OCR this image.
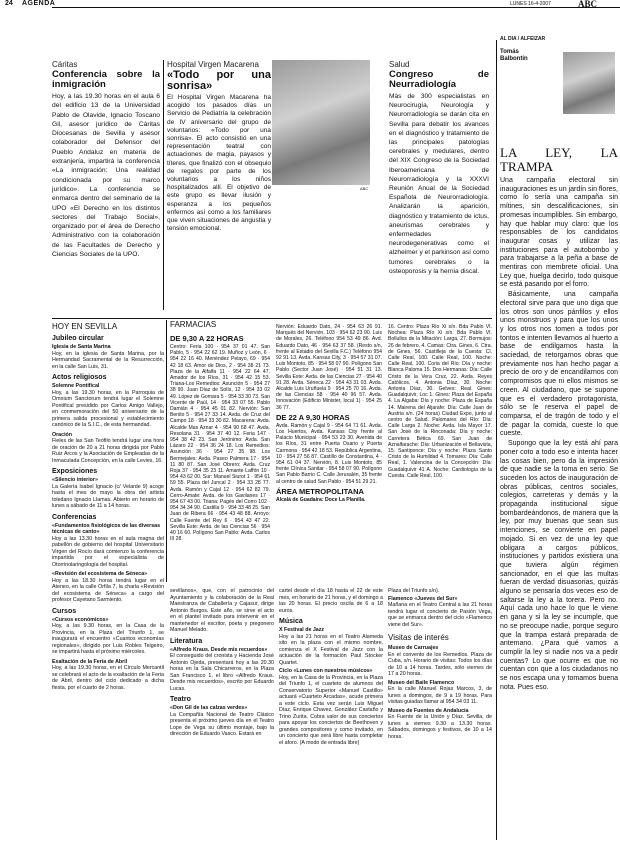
24 AGENDA	LUNES 16-4-2007	ABC
Cáritas
Conferencia sobre la inmigración

Hoy, a las 19.30 horas en el aula 6 del edificio 13 de la Universidad Pablo de Olavide, Ignacio Toscano Gil, asesor jurídico de Cáritas Diocesanas de Sevilla y asesor colaborador del Defensor del Pueblo Andaluz en materia de extranjería, impartirá la conferencia «La inmigración: Una realidad condicionada por su marco jurídico». La conferencia se enmarca dentro del seminario de la UPO «El Derecho en los distintos sectores del Trabajo Social», organizado por el área de Derecho Administrativo con la colaboración de las Facultades de Derecho y Ciencias Sociales de la UPO.

Hospital Virgen Macarena
«Todo por una sonrisa»

El Hospital Virgen Macarena ha acogido los pasados días un Servicio de Pediatría la celebración de IV aniversario del grupo de voluntarios: «Todo por una sonrisa». El acto consistió en una representación teatral con actuaciones de magia, payasos y títeres, que finalizó con el obsequio de regalos por parte de los voluntarios a los niños hospitalizados allí. El objetivo de este grupo es llevar ilusión y esperanza a los pequeños enfermos así como a los familiares que viven situaciones de angustia y tensión emocional.

ABC
Salud
Congreso de Neurradiología

Más de 300 especialistas en Neurocirugía, Neurología y Neurorradiología se darán cita en Sevilla para debatir los avances en el diagnóstico y tratamiento de las principales patologías cerebrales y medulares, dentro del XIX Congreso de la Sociedad Iberoamericana de Neurorradiología y la XXXVI Reunión Anual de la Sociedad Española de Neurorradiología. Analizarán la aparición, diagnóstico y tratamiento de ictus, aneurismas cerebrales y enfermedades neurodegenerativas como el alzheimer y el parkinson así como tumores cerebrales o la osteoporosis y la hernia discal.

AL DÍA / ALFÉIZAR
Tomás Balbontín
LA LEY, LA TRAMPA

Una campaña electoral sin inauguraciones es un jardín sin flores, como lo sería una campaña sin mítines, sin descalificaciones, sin promesas incumplibles. Sin embargo, hay que hablar muy claro: que los responsables de los candidatos inaugurar cosas y utilizar las instituciones para el autobombo y para trabajarse a la peña a base de mentiras con membrete oficial. Una Ley que, huelga decirlo, todo quisque se está pasando por el forro.

Básicamente, una campaña electoral sirve para que uno diga que los otros son unos pánfilos y ellos unos monstruos y para que los unos y los otros nos tomen a todos por tontos e intenten llevarnos al huerto a base de endilgarnos hasta la saciedad, de retorgarnos obras que previamente nos han hecho pagar a precio de oro y de encandilarnos con compromisos que ni ellos mismos se creen. Al ciudadano, que se supone que es el verdadero protagonista, sólo se le reserva el papel de comparsa, el de tragón de todo y el de pagar la comida, cueste lo que cueste.

Supongo que la ley está ahí para poner coto a todo eso e intenta hacer las cosas bien, pero da la impresión de que nadie se la toma en serio. Se suceden los actos de inauguración de obras públicas, centros sociales, colegios, carreteras y demás y la propaganda institucional sigue bombardeándonos, de manera que la ley, por muy buenas que sean sus intenciones, se convierte en papel mojado. Si en vez de una ley que obligara a cargos públicos, instituciones y partidos existiera una que tuviera algún régimen sancionador, en el que las multas fueran de verdad disuasorias, quizás alguno se pensaría dos veces eso de saltarse la ley a la torera. Pero no. Aquí cada uno hace lo que le viene en gana y si la ley se incumple, que no se preocupe nadie, porque seguro que la trampa estará preparada de antemano. ¿Para qué vamos a cumplir la ley si nadie nos va a pedir cuentas? Lo que ocurre es que no cuentan con que a los ciudadanos no se nos escapa una y tomamos buena nota. Pues eso.

HOY EN SEVILLA
Jubileo circular
Iglesia de Santa Marina

Hoy, en la iglesia de Santa Marina, por la Hermandad Sacramental de la Resurrección, en la calle San Luis, 31.

Actos religiosos
Solemne Pontifical

Hoy, a las 19.30 horas, en la Parroquia de Omnium Sanctorum tendrá lugar el Solemne Pontifical presidido por Carlos Amigo Vallejo, en conmemoración del 50 aniversario de la primera salida procesional y establecimiento canónico de la S.I.C., de esta hermandad.

Oración

Fieles de las San Teófilo tendrá lugar una hora de oración de 20 a 21 horas dirigida por Pablo Ruiz Arcos y la Asociación de Empleadas de la Inmaculada Concepción, en la calle Levies, 16.

Exposiciones
«Silencio interior»

La Galería Isabel Ignacio (c/ Velarde 9) acoge hasta el mes de mayo la obra del artista toledano Ignacio Llamas. Abierto en horario de lunes a sábado de 11 a 14 horas.

Conferencias
«Fundamentos fisiológicos de las diversas técnicas de canto»

Hoy a las 13.30 horas en el aula magna del pabellón de gobierno del hospital Universitario Virgen del Rocío dará comienzo la conferencia impartida por el especialista de Otorrinolaringología del hospital.

«Revisión del ecosistema de Séneca»

Hoy a las 18.30 horas tendrá lugar en el Ateneo, en la calle Orfila 7, la charla «Revisión del ecosistema de Séneca» a cargo del profesor Cayetano Sarmiento.

Cursos
«Cursos económicos»

Hoy, a las 9.30 horas, en la Casa de la Provincia, en la Plaza del Triunfo 1, se inaugurará el encuentro «Cuantos economías regionales», dirigido por Luis Robles Teigeiro, se impartirá hasta el próximo miércoles.

Exaltación de la Feria de Abril

Hoy, a las 19.30 horas, en el Círculo Mercantil se celebrará el acto de la exaltación de la Feria de Abril, dentro del ciclo dedicado a dicha fiesta, por el cuarto de 2 horas.

FARMACIAS
DE 9,30 A 22 HORAS

Centro: Feria 100 · 954 37 01 47. San Pablo, 5 · 954 22 62 19. Muñoz y León, 6 · 954 22 16 40. Menéndez Pelayo, 69 · 954 42 18 63. Amor de Dios, 2 · 954 38 21 73. Plaza de la Alfalfa 11 · 954 22 64 47. Amador de los Ríos, 31 · 954 42 15 53. Triana-Los Remedios: Asunción 5 · 954 27 38 90. Juan Díaz de Solís, 12 · 954 33 02 49. López de Gomara 5 · 954 33 30 73. San Vicente de Paúl, 14 · 954 33 07 55. Pablo Damián 4 · 954 45 01 82. Nervión: San Benito 5 · 954 27 33 14. Avda. de Cruz del Campo 18 · 954 33 30 82. Macarena: Avda. Alcalde Mas Aznar 4 · 954 90 68 47. Avda. Resolana 31 · 954 37 40 12. Feria 147 · 954 38 42 23. San Jerónimo: Avda. San Lázaro 22 · 954 36 24 18. Los Remedios: Asunción 36 · 954 27 35 98. Los Bermejales: Avda. Paseo Palmera 17 · 954 11 80 87. San José Obrero: Avda. Cruz Roja 37 · 954 35 23 11. Amante Laffón 10 · 954 43 62 00. Sur: Manuel Siurot 1 · 954 61 59 55. Plaza del Juncal 2 · 954 33 28 77. Avda. Ramón y Cajal 12 · 954 62 82 79. Cerro-Amate: Avda. de los Gavilanes 17 · 954 67 43 00. Triana: Pagés del Corro 102 · 954 34 34 90. Castilla 9 · 954 33 48 25. San Juan de Ribera 66 · 954 43 48 88. Arroyo: Calle Fuente del Rey 6 · 954 43 47 22. Sevilla Este: Avda. de las Ciencias 56 · 954 40 16 60. Polígono San Pablo: Avda. Carlos III 28.

Nervión: Eduardo Dato, 24 · 954 63 26 91. Marqués del Nervión, 103 · 954 62 23 90. Luis de Morales, 26. Teléfono 954 53 49 86. Avd. Eduardo Dato, 46 · 954 63 37 58. (Resto s/n, frente al Estadio del Sevilla F.C.) Teléfono 954 92 91 13. Avda. Kansas City, 3 · 954 57 31 07. Luis Montoto, 85 · 954 58 07 90. Polígono San Pablo (Sector Juan José) · 954 51 31 13. Sevilla Este: Avda. de las Ciencias 27 · 954 40 91 28. Avda. Séneca 22 · 954 43 31 03. Avda. Alcalde Luis Uruñuela 9 · 954 25 70 16. Avda. de las Ciencias 58 · 954 40 96 57. Avda. Innovación (Edificio Minister, local 1) · 954 25 36 77.

DE 22 A 9,30 HORAS

Avda. Ramón y Cajal 9 · 954 64 71 61. Avda. Los Huertos, Avda. Kansas City frente al Palacio Municipal · 954 53 23 30. Avenida de los Ríos, 31 entre Puerta Osario y Puerta Carmona · 954 42 18 53. República Argentina, 10 · 954 27 56 87. Castillo de Constantina, 4 · 954 61 04 37. Nervión, 8. Luis Montoto, 85 frente Clínica Sanitar · 954 58 07 90. Polígono San Pablo Barrio C. Calle Jerusalén, 35 frente al centro de salud San Pablo · 954 51 29 21.

ÁREA METROPOLITANA

Alcalá de Guadaira: Doce La Planilla.

16. Centro: Plaza Río Xi s/n. Bda Pablo VI. Nochea: Plaza Río Xi s/n. Bda Pablo VI. Bollullos de la Mitación: Larga, 27. Bormujos: 26 de febrero, 4. Camas: Ctra. Gines, 6. Ctra. de Gines, 56. Castilleja de la Cuesta: Cl. Calle Real, 100. Calle Real, 100. Noche: Calle Real, 100. Coria del Río: Día y noche: Blanca Paloma 15. Dos Hermanas: Día: Calle Cristo de la Vera Cruz, 22. Avda. Reyes Católicos, 4. Antonia Díaz, 30. Noche: Antonia Díaz, 30. Gelves: Real. Gines: Guadalquivir, Loc 1. Gines: Plaza del España 4. La Algaba: Día y noche: Plaza de España 14. Mairena del Aljarafe: Día: Calle Juan de Austria s/n. (24 horas) Ciudad Expo, junto al centro de Salud. Palomares del Río: Día: Calle Larga 2. Noche: Avda. Isla Mayor 17. San José de la Rinconada: Día y noche: Carretera Bética 69. San Juan de Aznalfarache: Día: Urbanización el Bellavista, 15. Santiponce: Día y noche: Plaza Santo Cristo de la Humildad 4. Tomares: Día: Calle Real, 1. Valencina de la Concepción: Día: Guadalquivir 41 A. Noche: Cardiología de la Cuesta. Calle Real, 100.

sevillanos», que, con el patrocinio del Ayuntamiento y la colaboración de la Real Maestranza de Caballería y Cajasur, dirige Antonio Burgos. Este año, se sirve el acto en el plantel invitado para intervenir en el mantenedor el escritor, poeta y pregonero Manuel Melado.

Literatura
«Alfredo Kraus. Desde mis recuerdos»

El conseguido del cronista y Hacienda José Antonio Ojeda, presentará hoy a las 20.30 horas en la Sala Chicarreros, en la Plaza San Francisco 1, el libro «Alfredo Kraus. Desde mis recuerdos», escrito por Eduardo Lucas.

Teatro
«Don Gil de las calzas verdes»

La Compañía Nacional de Teatro Clásico presenta el próximo jueves día en el Teatro Lope de Vega su último montaje, bajo la dirección de Eduardo Vasco. Estará en

cartel desde el día 18 hasta el 22 de este mes, en horario de 21 horas, y el domingo a las 20 horas. El precio oscila de 6 a 18 euros.

Música
X Festival de Jazz

Hoy a las 21 horas en el Teatro Alameda sito en la plaza con el mismo nombre, comienza el X Festival de Jazz con la actuación de la formación Paul Stocker Quartet.

Ciclo «Lunes con nuestros músicos»

Hoy, en la Casa de la Provincia, en la Plaza del Triunfo 1, el cuarteto de alumnos del Conservatorio Superior «Manuel Castillo» actuará «Cuarteto Arcadas», acude primera a este ciclo. Esta vez serán Luis Miguel Díaz, Enrique Chavez, González Castaño y Trino Zurita. Cobra valor de sus conciertos para apoyar los conciertos de Beethoven y grandes compositores y como invitado, en un concierto que será libre hasta completar el aforo. (A modo de entrada libre)

Plaza del Triunfo s/n).

Flamenco «Jueves del Sur»

Mañana en el Teatro Central a las 21 horas tendrá lugar el concierto de Pasión Vega, que se enmarca dentro del ciclo «Flamenco viene del Sur».

Visitas de interés
Museo de Carruajes

En el convento de los Remedios. Plaza de Cuba, s/n. Horario de visitas: Todos los días de 10 a 14 horas. Tardes, sólo viernes de 17 a 20 horas.

Museo del Baile Flamenco

En la calle Manuel Rojas Marcos, 3, de lunes a domingos, de 9 a 19 horas. Para visitas guiadas llamar al 954 34 03 11.

Museo de Fuentes de Andalucía

En Fuente de la Unión y Díaz. Sevilla, de lunes a viernes 9.30 a 13.30 horas. Sábados, domingos y festivos, de 10 a 14 horas.
